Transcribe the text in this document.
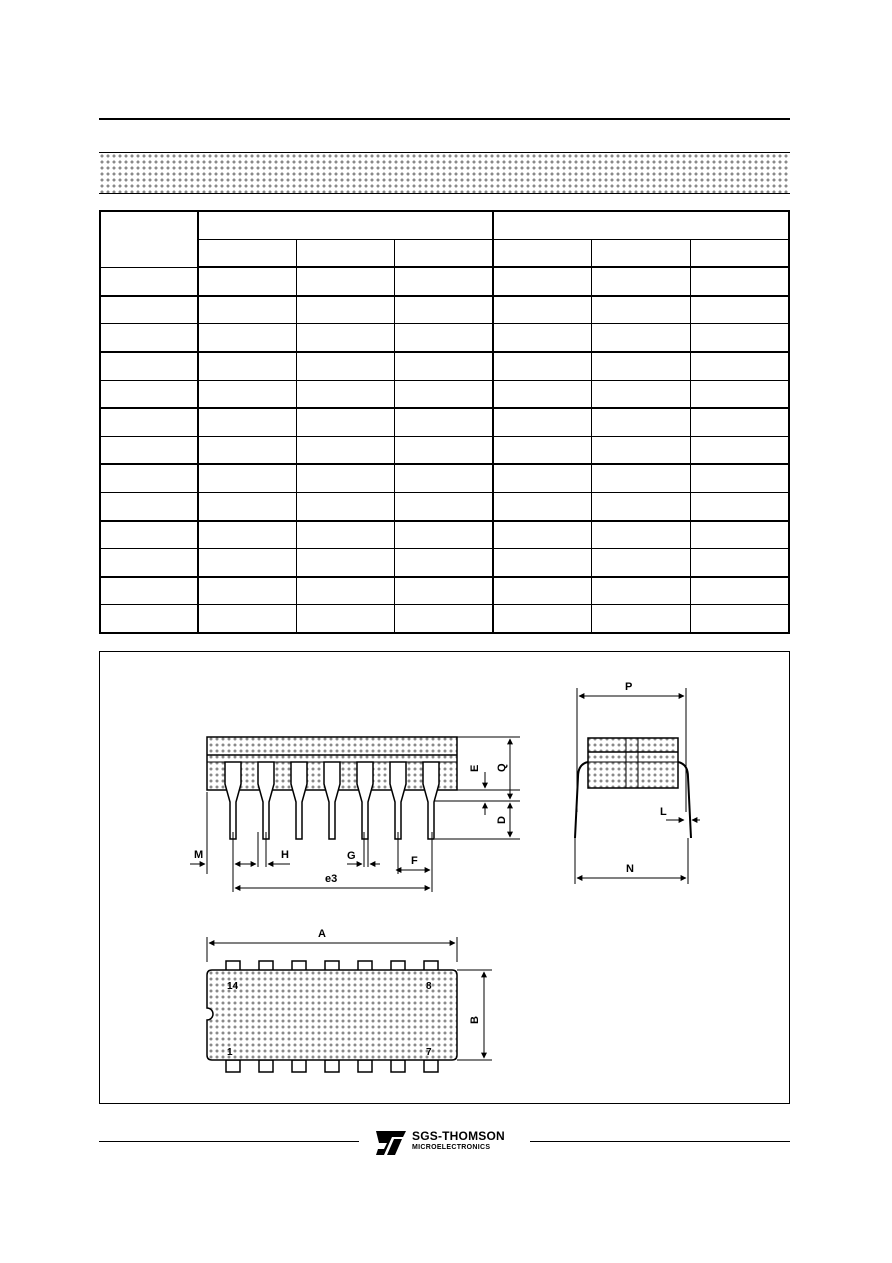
E Q
D
M	H	G	F
e3
P
N
L
A
14	8
1	7
B
SGS-THOMSON
MICROELECTRONICS
